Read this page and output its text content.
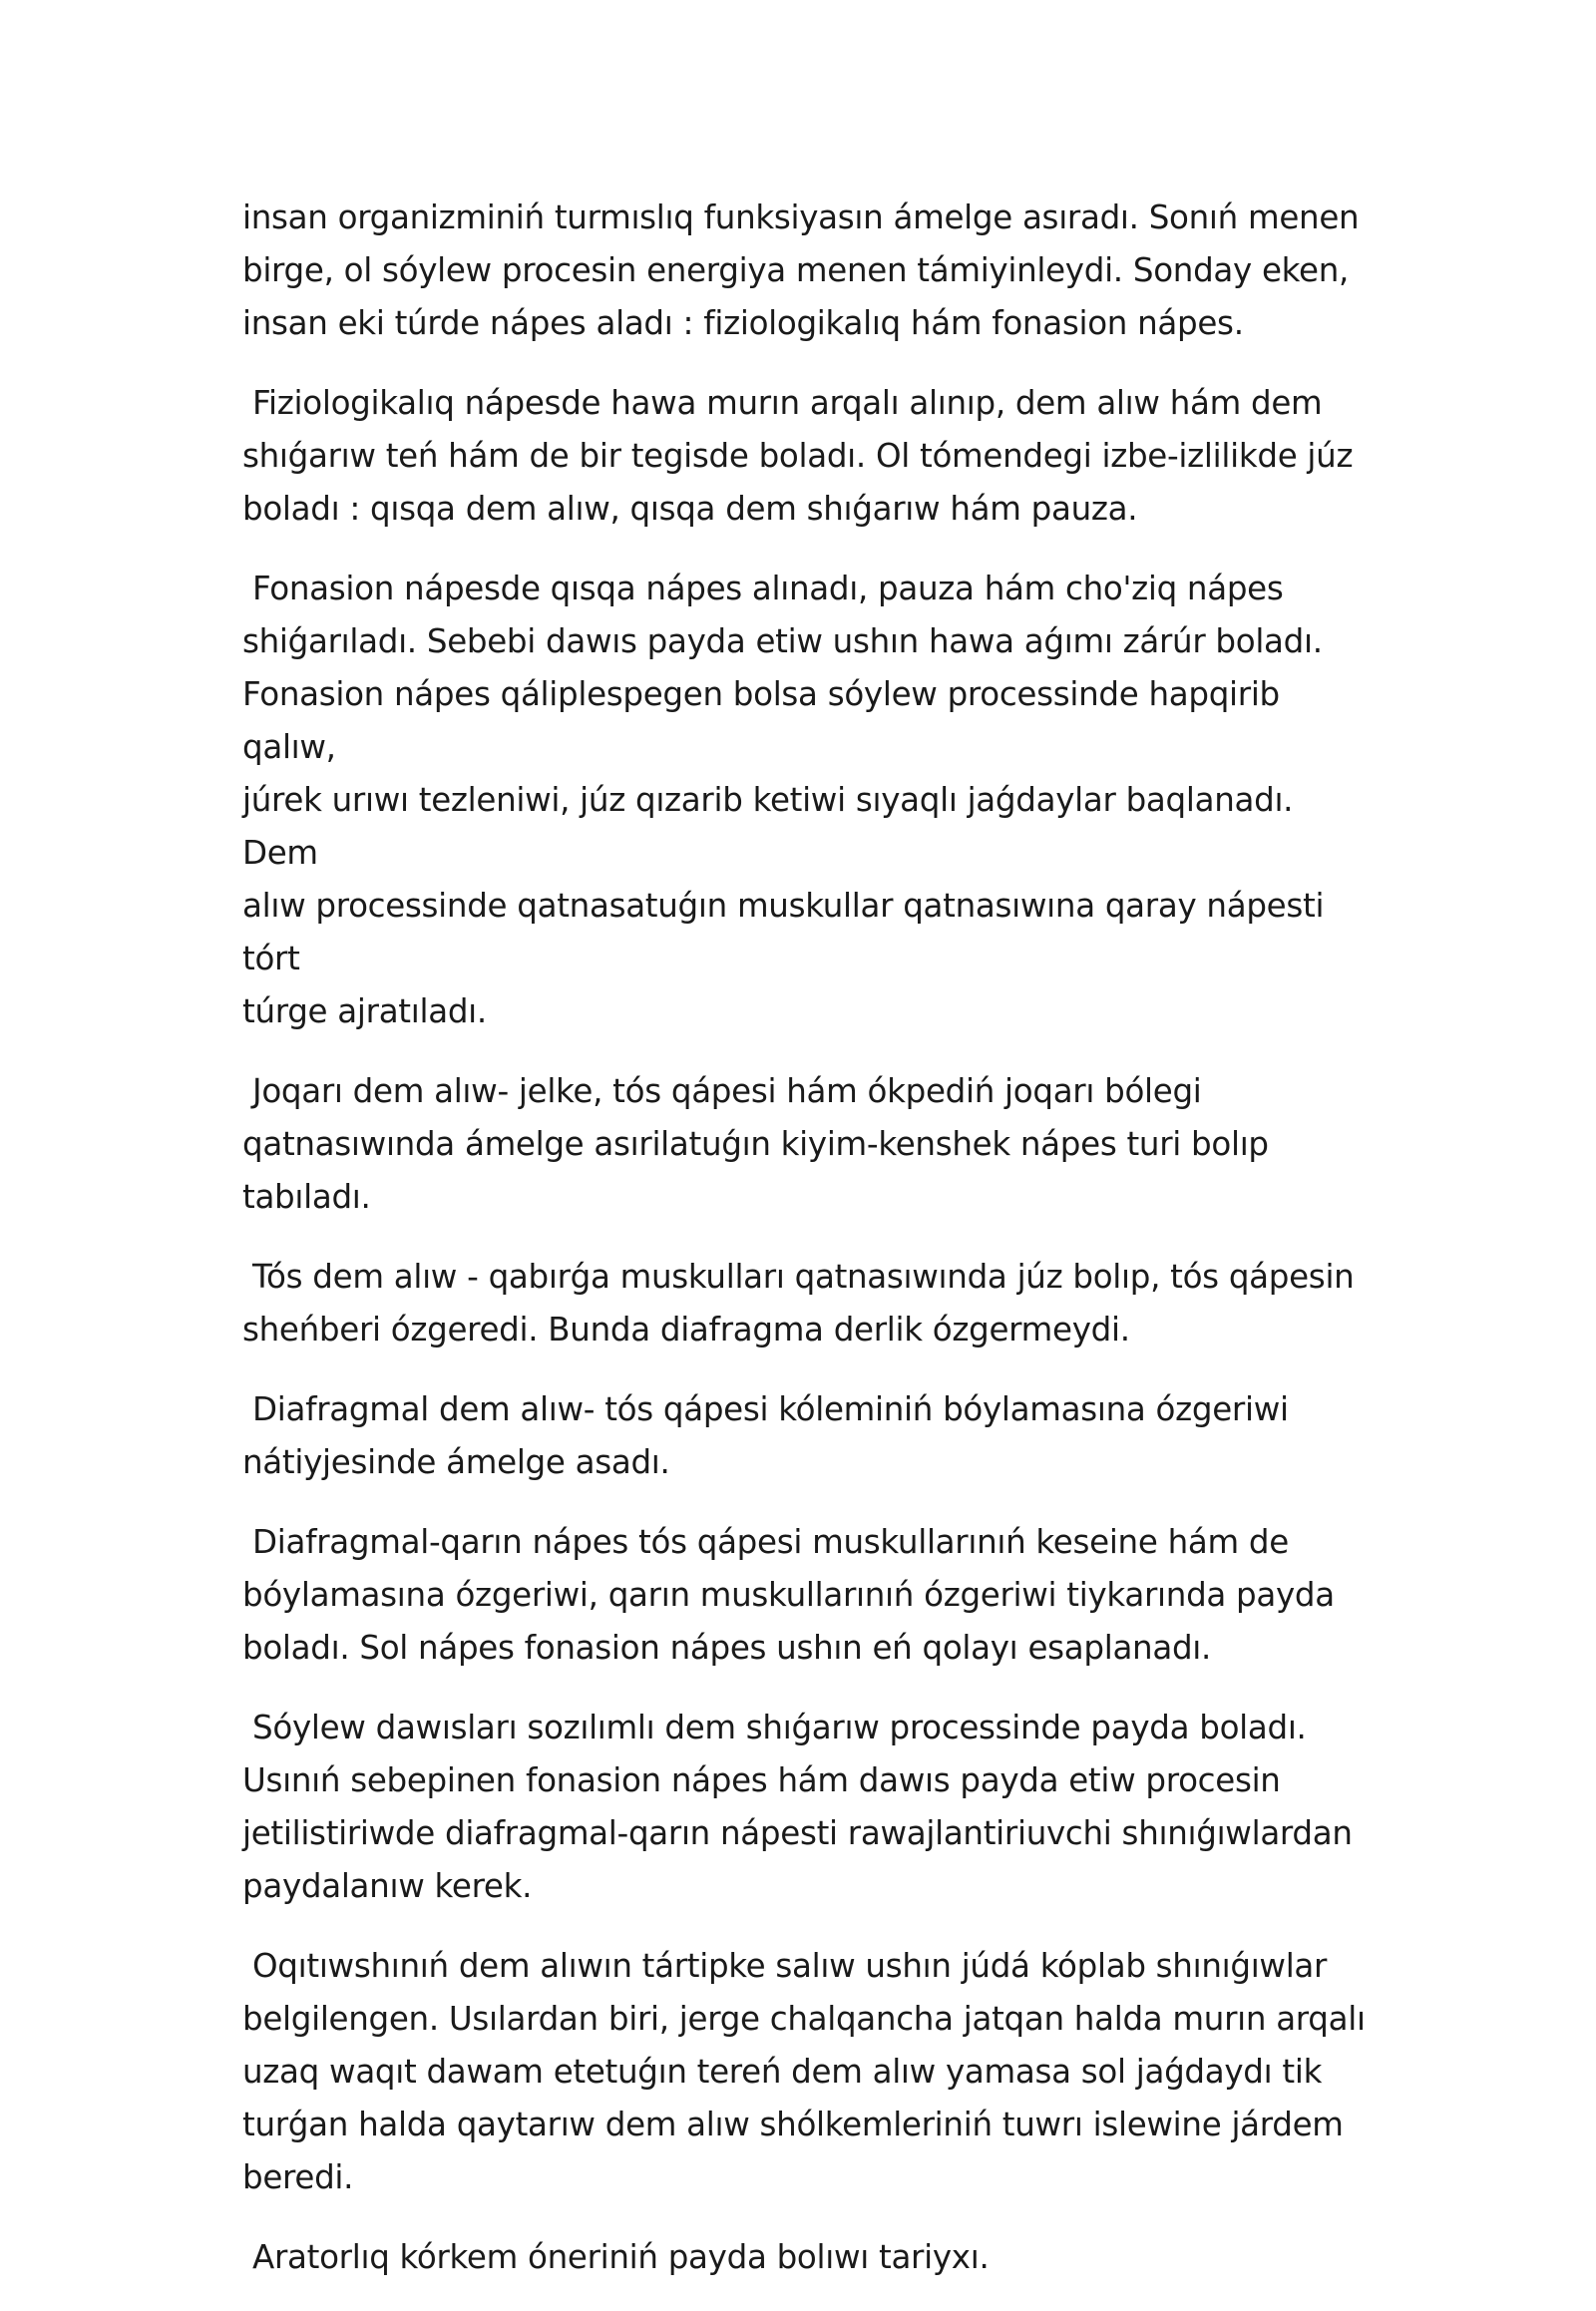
insan organizminiń turmıslıq funksiyasın ámelge asıradı. Sonıń menen
birge, ol sóylew procesin energiya menen támiyinleydi. Sonday eken,
insan eki túrde nápes aladı : fiziologikalıq hám fonasion nápes.

Fiziologikalıq nápesde hawa murın arqalı alınıp, dem alıw hám dem
shıǵarıw teń hám de bir tegisde boladı. Ol tómendegi izbe-izlilikde júz
boladı : qısqa dem alıw, qısqa dem shıǵarıw hám pauza.

Fonasion nápesde qısqa nápes alınadı, pauza hám cho'ziq nápes
shiǵarıladı. Sebebi dawıs payda etiw ushın hawa aǵımı zárúr boladı.
Fonasion nápes qáliplespegen bolsa sóylew processinde hapqirib qalıw,
júrek urıwı tezleniwi, júz qızarib ketiwi sıyaqlı jaǵdaylar baqlanadı.  Dem
alıw processinde qatnasatuǵın muskullar qatnasıwına qaray nápesti tórt
túrge ajratıladı.

Joqarı dem alıw- jelke, tós qápesi hám ókpediń joqarı bólegi
qatnasıwında ámelge asırilatuǵın kiyim-kenshek nápes turi bolıp tabıladı.

Tós dem alıw - qabırǵa muskulları qatnasıwında júz bolıp, tós qápesin
sheńberi ózgeredi. Bunda diafragma derlik ózgermeydi.

Diafragmal dem alıw- tós qápesi kóleminiń bóylamasına ózgeriwi
nátiyjesinde ámelge asadı.

Diafragmal-qarın nápes tós qápesi muskullarınıń keseine hám de
bóylamasına ózgeriwi, qarın muskullarınıń ózgeriwi tiykarında payda
boladı. Sol nápes fonasion nápes ushın eń qolayı esaplanadı.

Sóylew dawısları sozılımlı dem shıǵarıw processinde payda boladı.
Usınıń sebepinen fonasion nápes hám dawıs payda etiw procesin
jetilistiriwde diafragmal-qarın nápesti rawajlantiriuvchi shınıǵıwlardan
paydalanıw kerek.

Oqıtıwshınıń dem alıwın tártipke salıw ushın júdá kóplab shınıǵıwlar
belgilengen. Usılardan biri, jerge chalqancha jatqan halda murın arqalı
uzaq waqıt dawam etetuǵın tereń dem alıw yamasa sol jaǵdaydı tik
turǵan halda qaytarıw dem alıw shólkemleriniń tuwrı islewine járdem
beredi.

Aratorlıq kórkem óneriniń payda bolıwı tariyxı.
